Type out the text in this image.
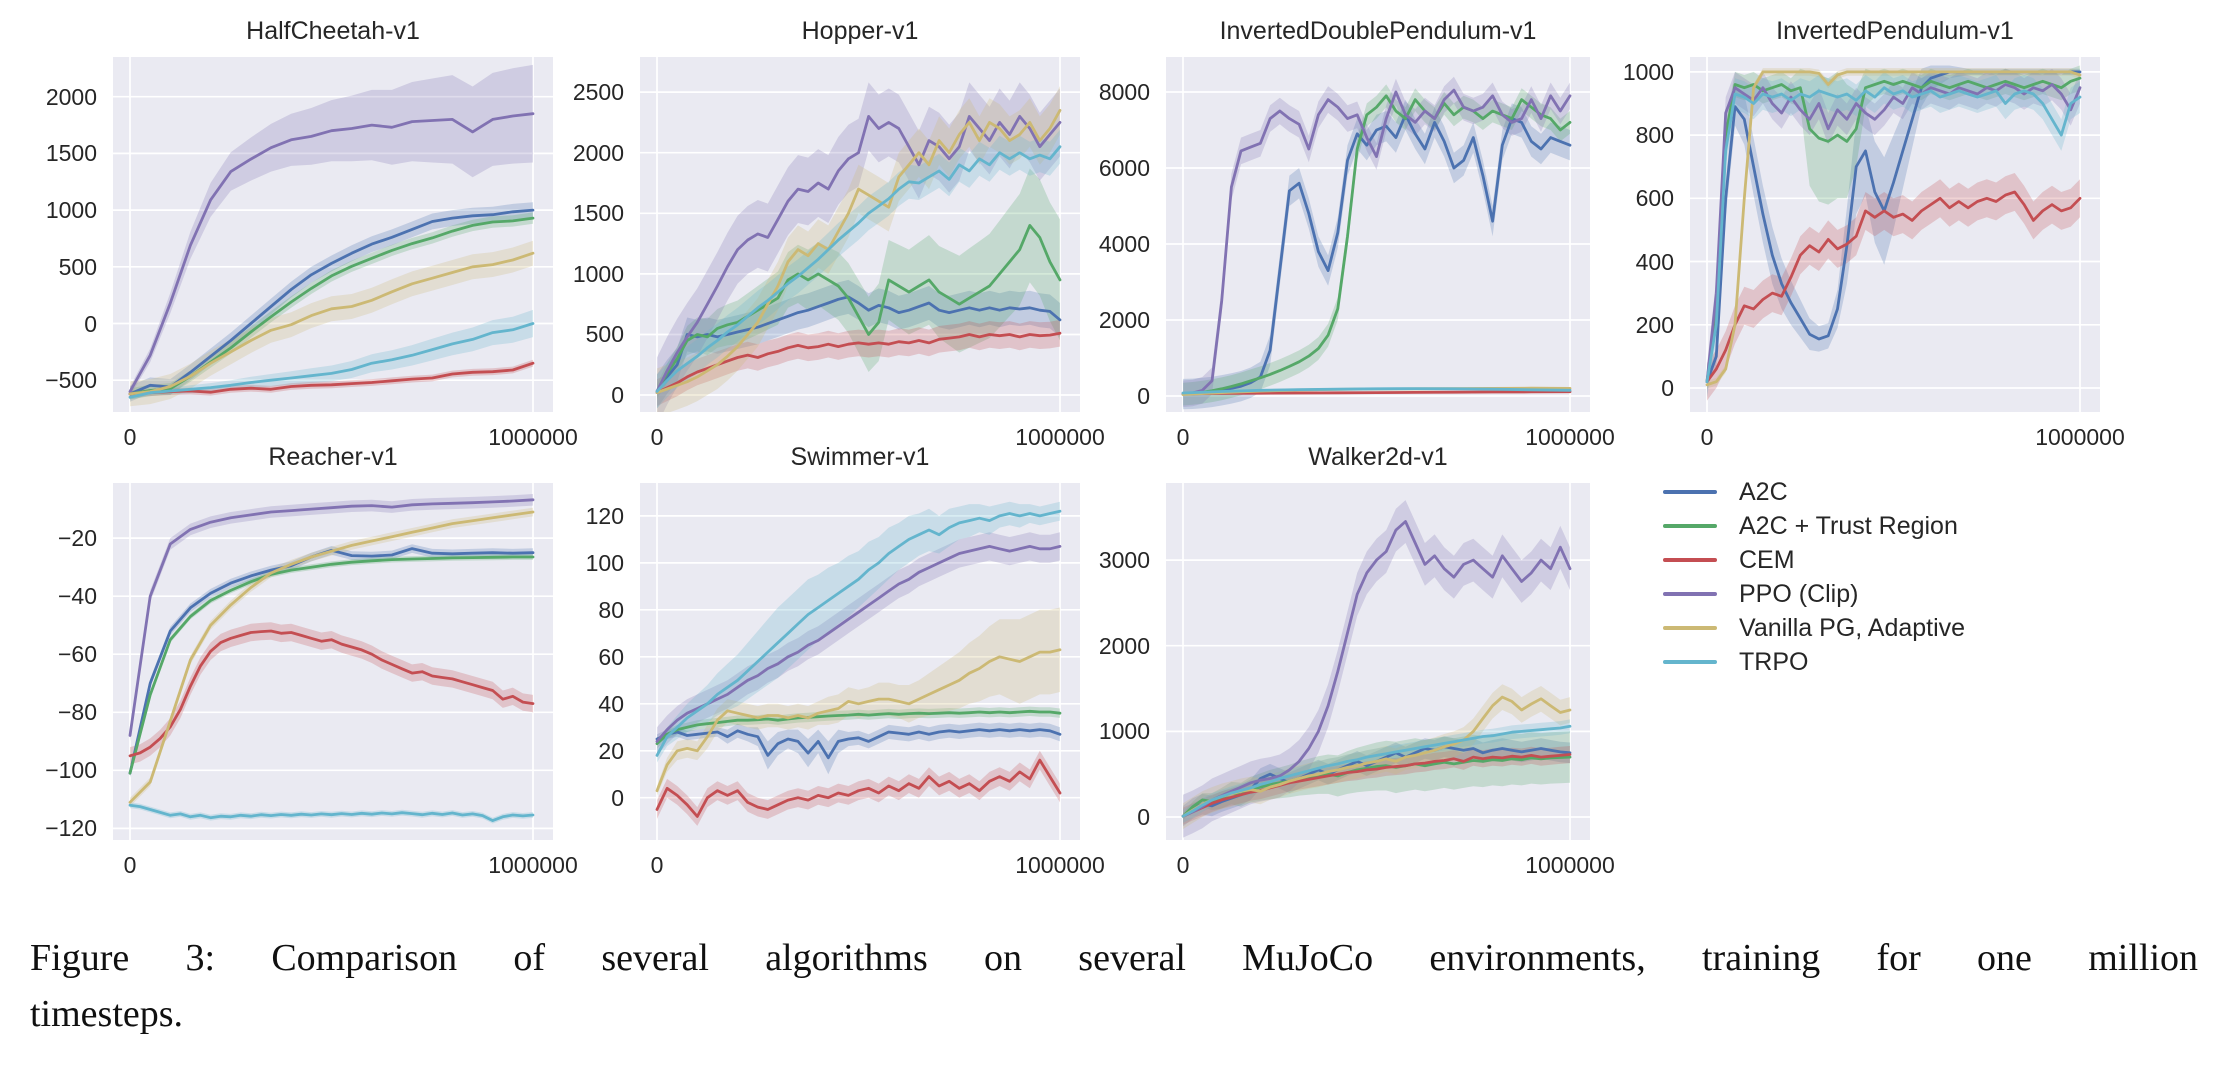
HalfCheetah-v1
−500
0
500
1000
1500
2000
0	1000000
Hopper-v1
0
500
1000
1500
2000
2500
0	1000000
InvertedDoublePendulum-v1
0
2000
4000
6000
8000
0	1000000
InvertedPendulum-v1
0
200
400
600
800
1000
0	1000000
Reacher-v1
−120
−100
−80
−60
−40
−20
0	1000000
Swimmer-v1
0
20
40
60
80
100
120
0	1000000
Walker2d-v1
0
1000
2000
3000
0	1000000
A2C
A2C + Trust Region
CEM
PPO (Clip)
Vanilla PG, Adaptive
TRPO
Figure 3: Comparison of several algorithms on several MuJoCo environments, training for one million
timesteps.
